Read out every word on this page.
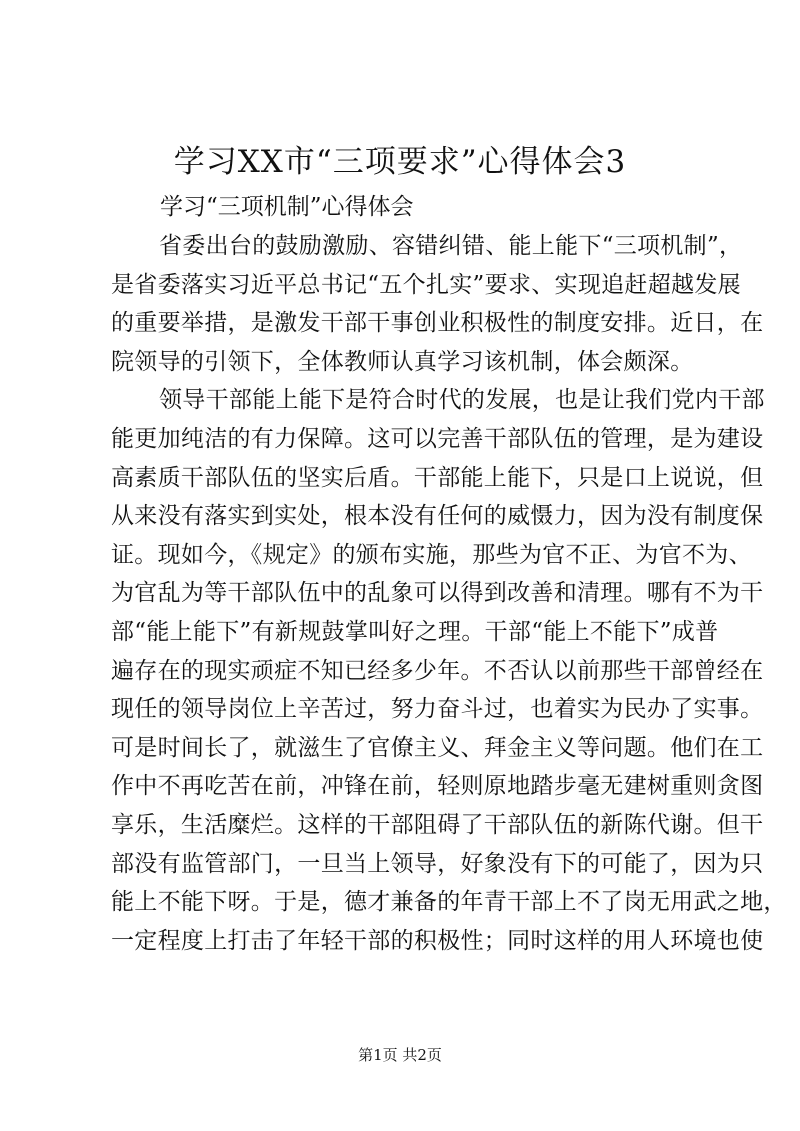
学习XX市“三项要求”心得体会3
学习“三项机制”心得体会
省委出台的鼓励激励、容错纠错、能上能下“三项机制”，
是省委落实习近平总书记“五个扎实”要求、实现追赶超越发展
的重要举措，是激发干部干事创业积极性的制度安排。近日，在
院领导的引领下，全体教师认真学习该机制，体会颇深。
领导干部能上能下是符合时代的发展，也是让我们党内干部
能更加纯洁的有力保障。这可以完善干部队伍的管理，是为建设
高素质干部队伍的坚实后盾。干部能上能下，只是口上说说，但
从来没有落实到实处，根本没有任何的威慑力，因为没有制度保
证。现如今，《规定》的颁布实施，那些为官不正、为官不为、
为官乱为等干部队伍中的乱象可以得到改善和清理。哪有不为干
部“能上能下”有新规鼓掌叫好之理。干部“能上不能下”成普
遍存在的现实顽症不知已经多少年。不否认以前那些干部曾经在
现任的领导岗位上辛苦过，努力奋斗过，也着实为民办了实事。
可是时间长了，就滋生了官僚主义、拜金主义等问题。他们在工
作中不再吃苦在前，冲锋在前，轻则原地踏步毫无建树重则贪图
享乐，生活糜烂。这样的干部阻碍了干部队伍的新陈代谢。但干
部没有监管部门，一旦当上领导，好象没有下的可能了，因为只
能上不能下呀。于是，德才兼备的年青干部上不了岗无用武之地，
一定程度上打击了年轻干部的积极性；同时这样的用人环境也使
第1页 共2页
